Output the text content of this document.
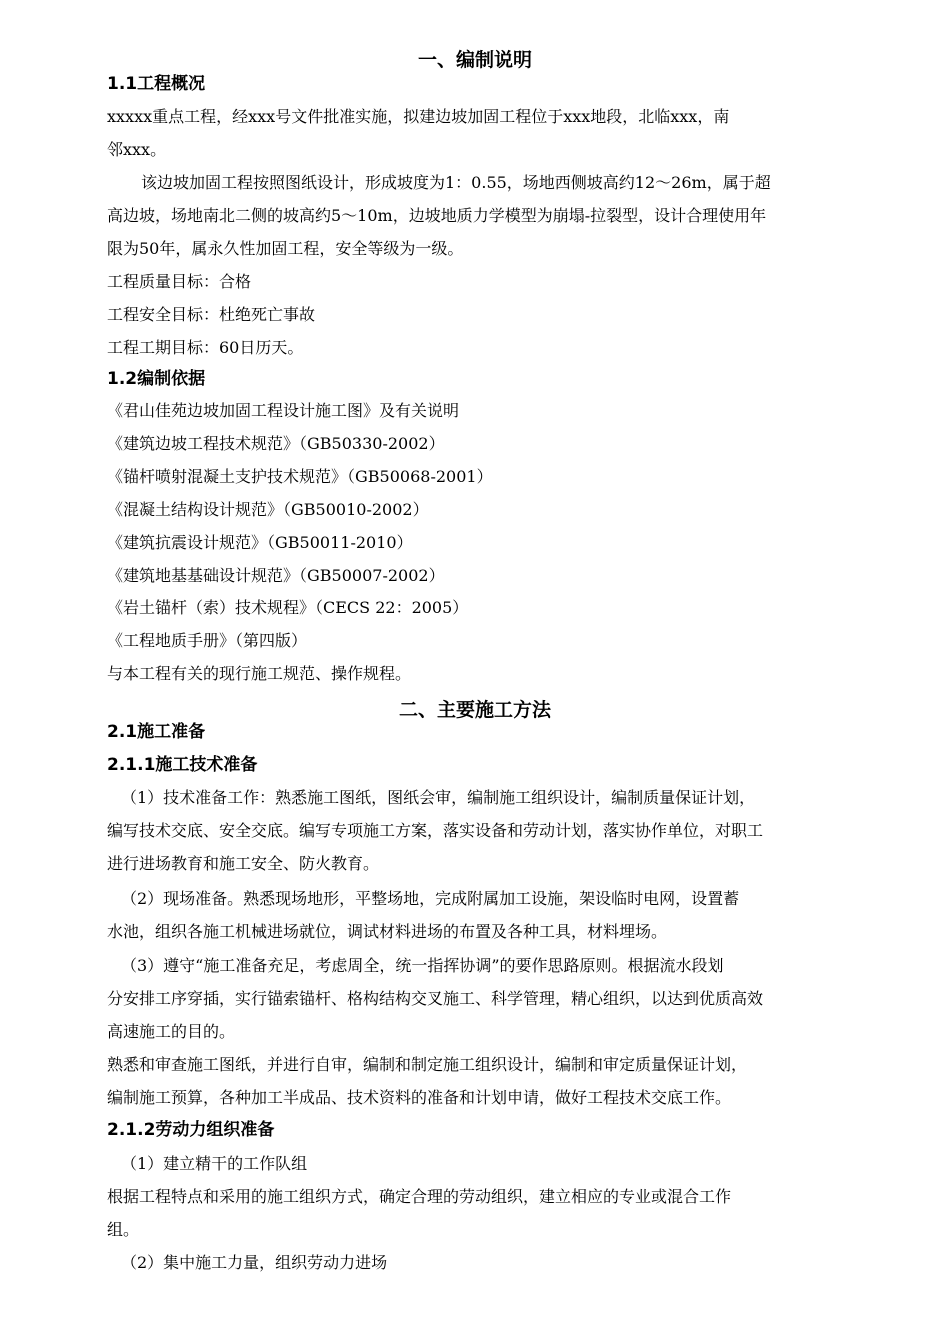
一、编制说明
1.1工程概况
xxxxx重点工程，经xxx号文件批准实施，拟建边坡加固工程位于xxx地段，北临xxx，南
邻xxx。
该边坡加固工程按照图纸设计，形成坡度为1：0.55，场地西侧坡高约12～26m，属于超
高边坡，场地南北二侧的坡高约5～10m，边坡地质力学模型为崩塌-拉裂型，设计合理使用年
限为50年，属永久性加固工程，安全等级为一级。
工程质量目标：合格
工程安全目标：杜绝死亡事故
工程工期目标：60日历天。
1.2编制依据
《君山佳苑边坡加固工程设计施工图》及有关说明
《建筑边坡工程技术规范》（GB50330-2002）
《锚杆喷射混凝土支护技术规范》（GB50068-2001）
《混凝土结构设计规范》（GB50010-2002）
《建筑抗震设计规范》（GB50011-2010）
《建筑地基基础设计规范》（GB50007-2002）
《岩土锚杆（索）技术规程》（CECS 22：2005）
《工程地质手册》（第四版）
与本工程有关的现行施工规范、操作规程。
二、主要施工方法
2.1施工准备
2.1.1施工技术准备
（1）技术准备工作：熟悉施工图纸，图纸会审，编制施工组织设计，编制质量保证计划，
编写技术交底、安全交底。编写专项施工方案，落实设备和劳动计划，落实协作单位，对职工
进行进场教育和施工安全、防火教育。
（2）现场准备。熟悉现场地形，平整场地，完成附属加工设施，架设临时电网，设置蓄
水池，组织各施工机械进场就位，调试材料进场的布置及各种工具，材料埋场。
（3）遵守“施工准备充足，考虑周全，统一指挥协调”的要作思路原则。根据流水段划
分安排工序穿插，实行锚索锚杆、格构结构交叉施工、科学管理，精心组织，以达到优质高效
高速施工的目的。
熟悉和审查施工图纸，并进行自审，编制和制定施工组织设计，编制和审定质量保证计划，
编制施工预算，各种加工半成品、技术资料的准备和计划申请，做好工程技术交底工作。
2.1.2劳动力组织准备
（1）建立精干的工作队组
根据工程特点和采用的施工组织方式，确定合理的劳动组织，建立相应的专业或混合工作
组。
（2）集中施工力量，组织劳动力进场
